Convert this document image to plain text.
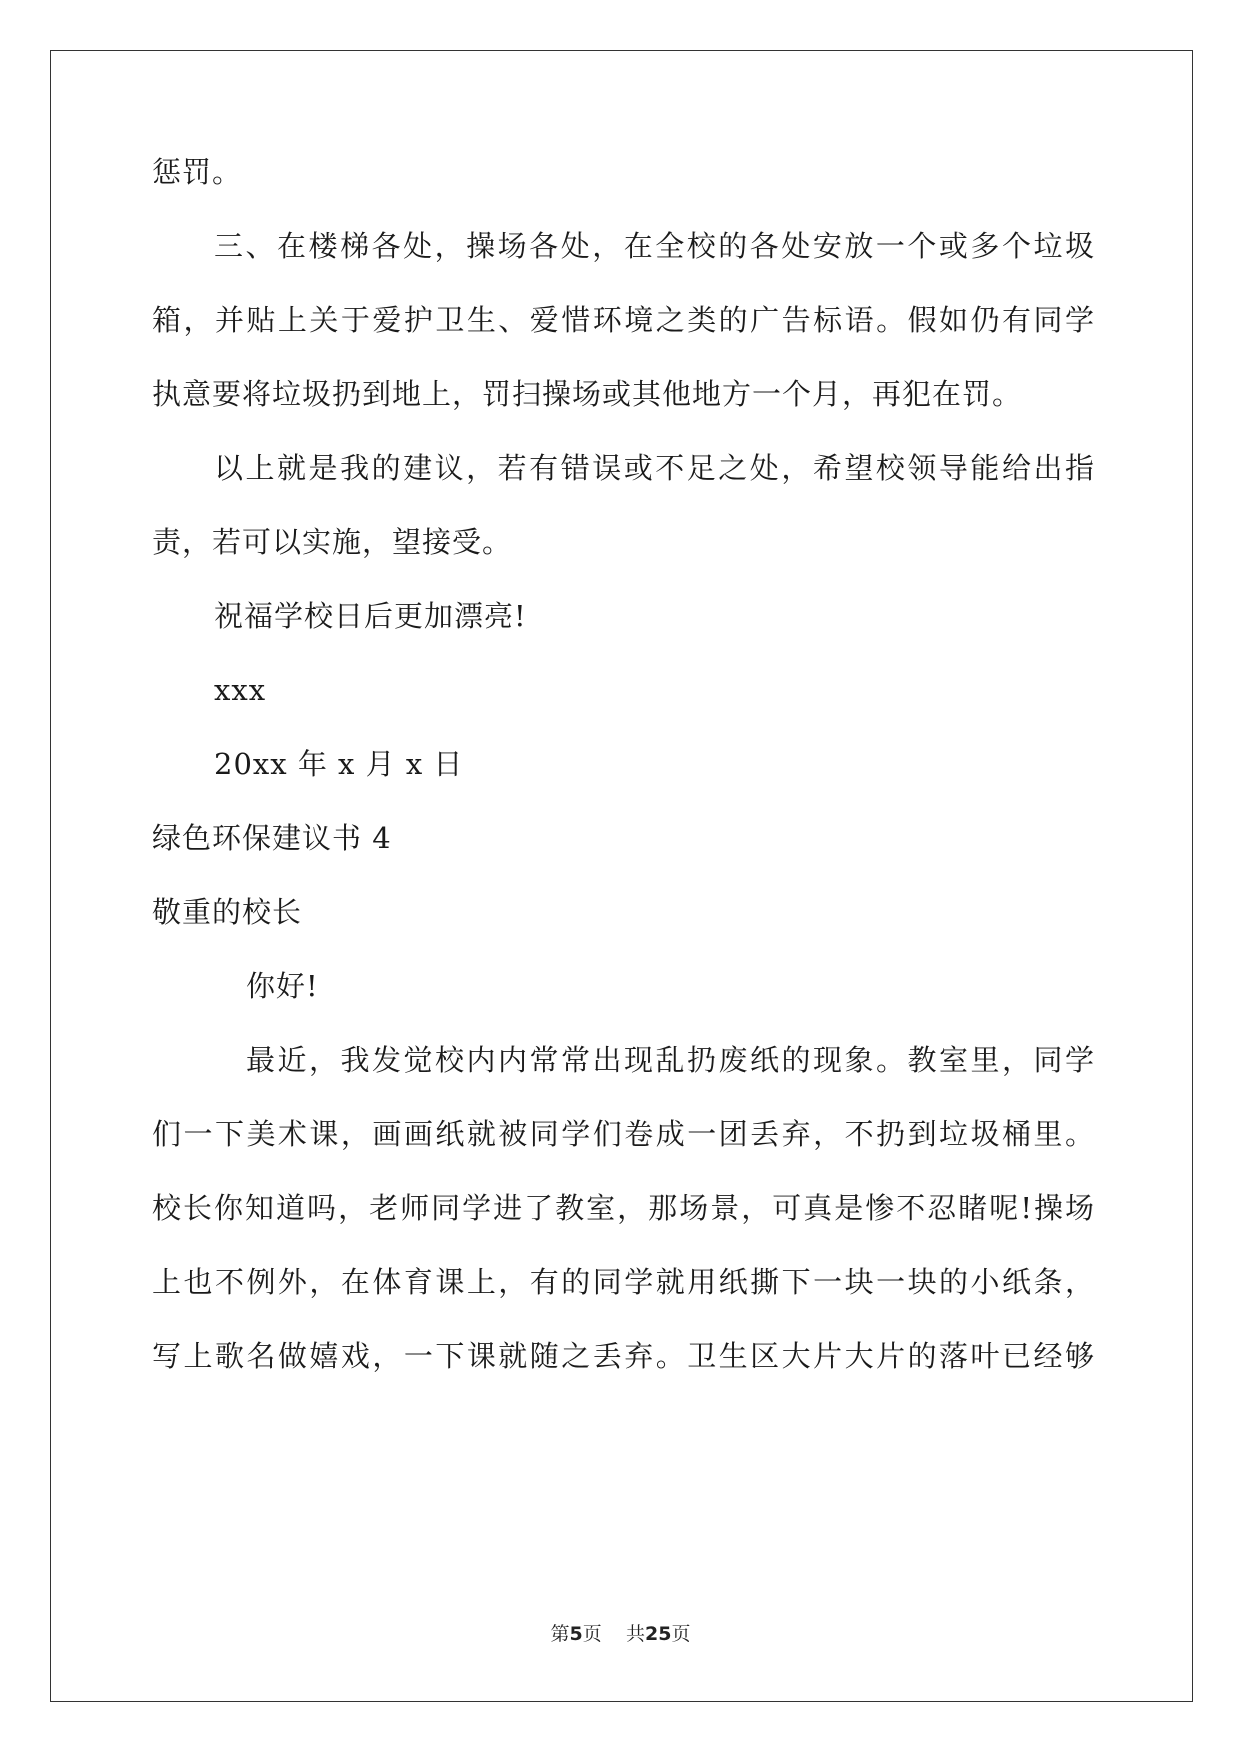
惩罚。
三、在楼梯各处，操场各处，在全校的各处安放一个或多个垃圾
箱，并贴上关于爱护卫生、爱惜环境之类的广告标语。假如仍有同学
执意要将垃圾扔到地上，罚扫操场或其他地方一个月，再犯在罚。
以上就是我的建议，若有错误或不足之处，希望校领导能给出指
责，若可以实施，望接受。
祝福学校日后更加漂亮!
xxx
20xx 年 x 月 x 日
绿色环保建议书 4
敬重的校长
你好!
最近，我发觉校内内常常出现乱扔废纸的现象。教室里，同学
们一下美术课，画画纸就被同学们卷成一团丢弃，不扔到垃圾桶里。
校长你知道吗，老师同学进了教室，那场景，可真是惨不忍睹呢!操场
上也不例外，在体育课上，有的同学就用纸撕下一块一块的小纸条，
写上歌名做嬉戏，一下课就随之丢弃。卫生区大片大片的落叶已经够
第5页 共25页
